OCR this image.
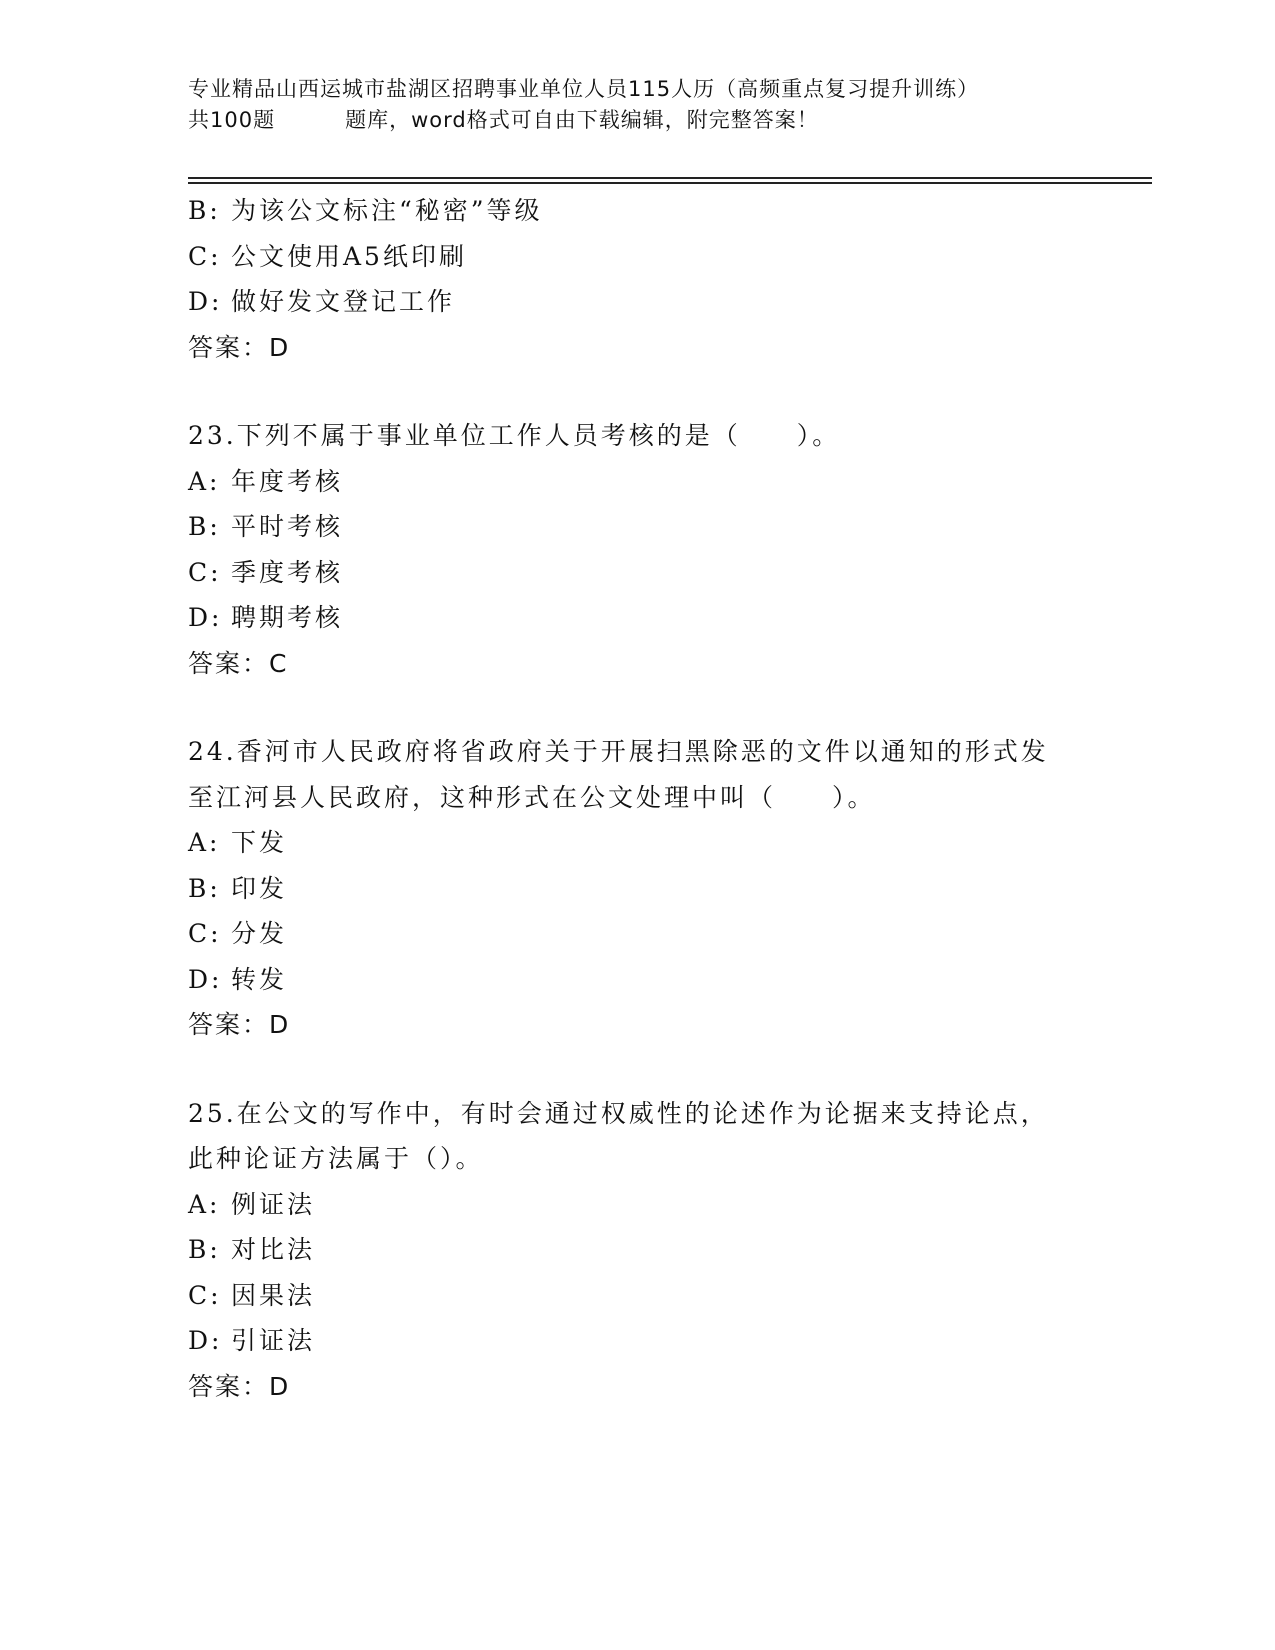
专业精品山西运城市盐湖区招聘事业单位人员115人历（高频重点复习提升训练）
共100题	题库，word格式可自由下载编辑，附完整答案！
B: 为该公文标注“秘密”等级
C: 公文使用A5纸印刷
D: 做好发文登记工作
答案：D
23.下列不属于事业单位工作人员考核的是（　　）。
A: 年度考核
B: 平时考核
C: 季度考核
D: 聘期考核
答案：C
24.香河市人民政府将省政府关于开展扫黑除恶的文件以通知的形式发
至江河县人民政府，这种形式在公文处理中叫（　　）。
A: 下发
B: 印发
C: 分发
D: 转发
答案：D
25.在公文的写作中，有时会通过权威性的论述作为论据来支持论点，
此种论证方法属于（）。
A: 例证法
B: 对比法
C: 因果法
D: 引证法
答案：D
